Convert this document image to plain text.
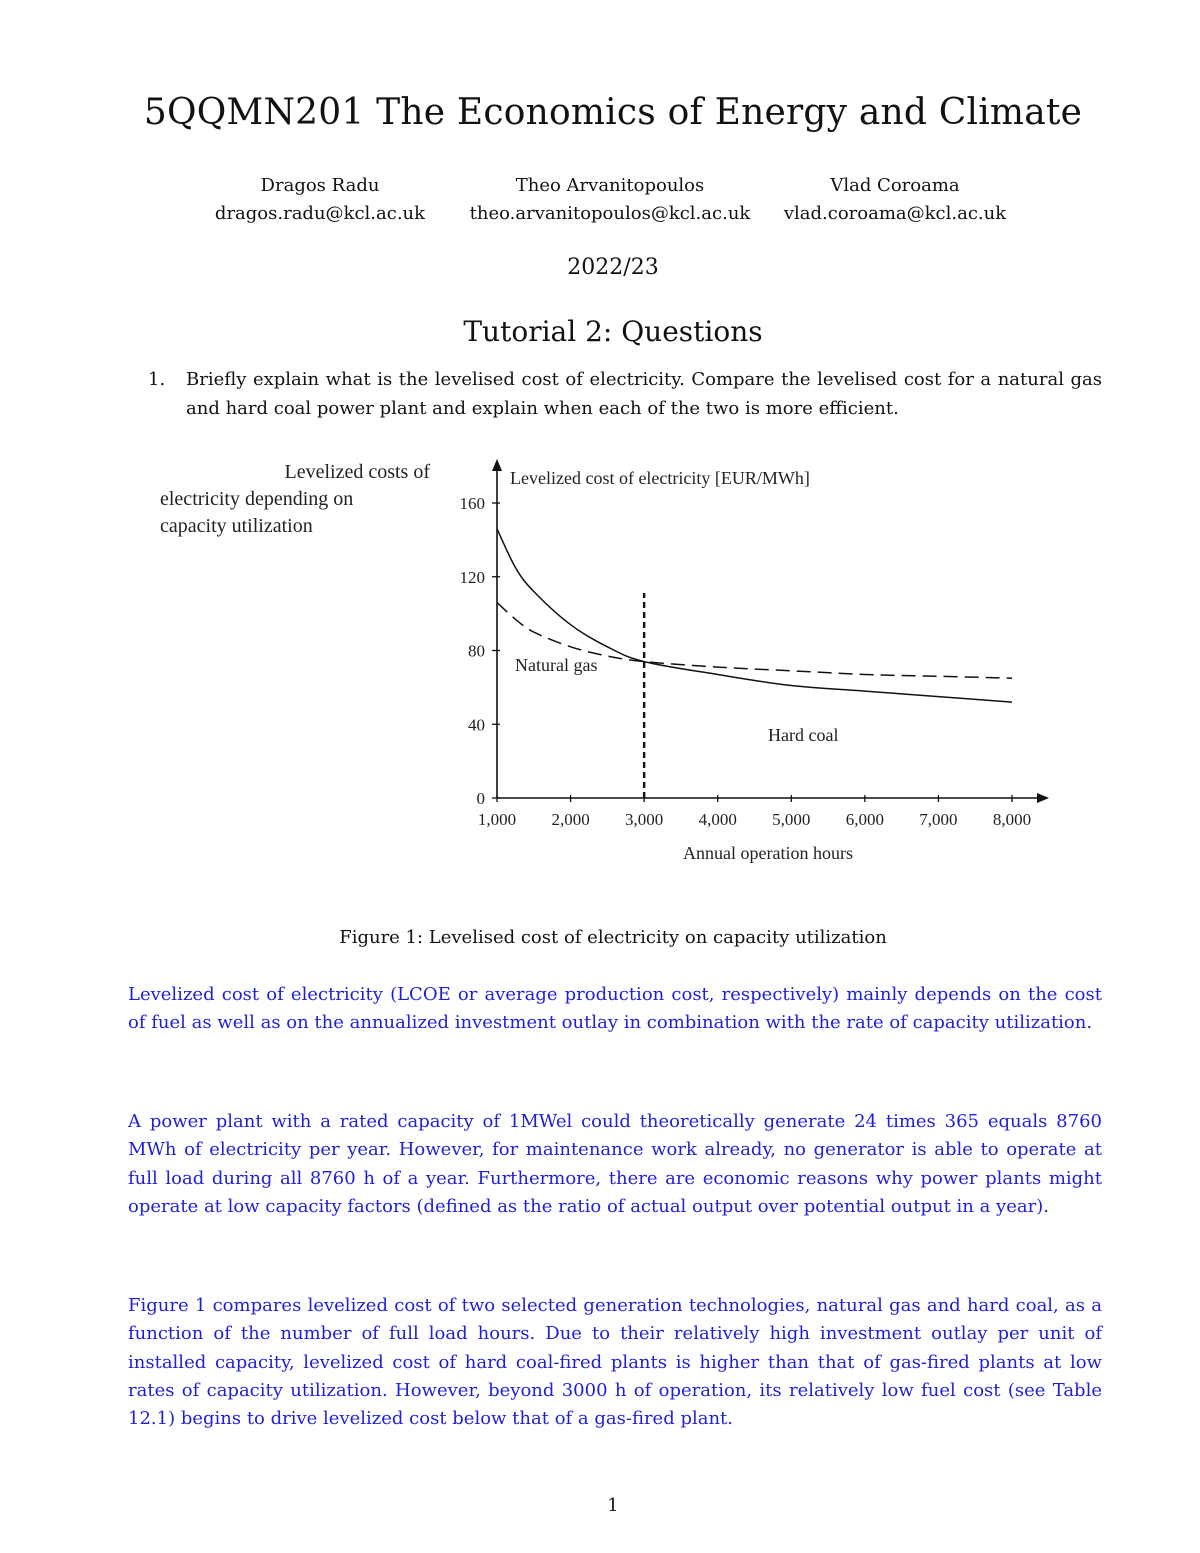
5QQMN201 The Economics of Energy and Climate
Dragos Radu
dragos.radu@kcl.ac.uk
Theo Arvanitopoulos
theo.arvanitopoulos@kcl.ac.uk
Vlad Coroama
vlad.coroama@kcl.ac.uk
2022/23
Tutorial 2: Questions
1. Briefly explain what is the levelised cost of electricity. Compare the levelised cost for a natural gas and hard coal power plant and explain when each of the two is more efficient.
Levelized costs of
electricity depending on
capacity utilization
Levelized cost of electricity [EUR/MWh]
Annual operation hours
Natural gas
Hard coal
0
40
80
120
160
1,000 2,000 3,000 4,000 5,000 6,000 7,000 8,000
Figure 1: Levelised cost of electricity on capacity utilization

Levelized cost of electricity (LCOE or average production cost, respectively) mainly depends on the cost of fuel as well as on the annualized investment outlay in combination with the rate of capacity utilization.

A power plant with a rated capacity of 1MWel could theoretically generate 24 times 365 equals 8760 MWh of electricity per year. However, for maintenance work already, no generator is able to operate at full load during all 8760 h of a year. Furthermore, there are economic reasons why power plants might operate at low capacity factors (defined as the ratio of actual output over potential output in a year).

Figure 1 compares levelized cost of two selected generation technologies, natural gas and hard coal, as a function of the number of full load hours. Due to their relatively high investment outlay per unit of installed capacity, levelized cost of hard coal-fired plants is higher than that of gas-fired plants at low rates of capacity utilization. However, beyond 3000 h of operation, its relatively low fuel cost (see Table 12.1) begins to drive levelized cost below that of a gas-fired plant.

1
